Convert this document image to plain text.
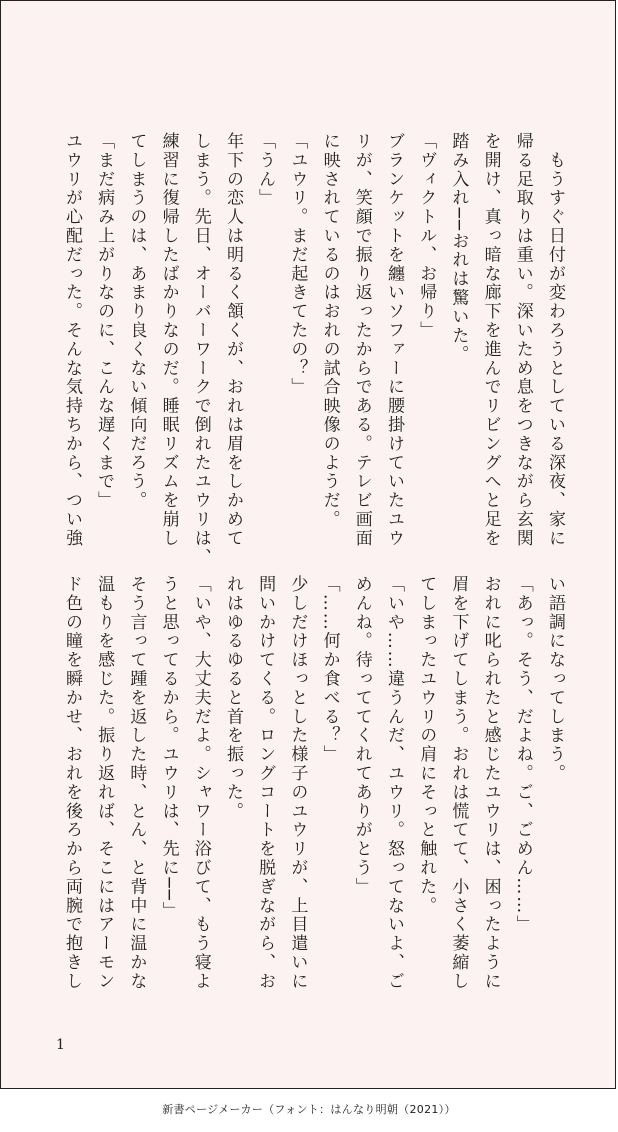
　もうすぐ日付が変わろうとしている深夜、家に
帰る足取りは重い。深いため息をつきながら玄関
を開け、真っ暗な廊下を進んでリビングへと足を
踏み入れ──おれは驚いた。
「ヴィクトル、お帰り」
ブランケットを纏いソファーに腰掛けていたユウ
リが、笑顔で振り返ったからである。テレビ画面
に映されているのはおれの試合映像のようだ。
「ユウリ。まだ起きてたの？」
「うん」
年下の恋人は明るく頷くが、おれは眉をしかめて
しまう。先日、オーバーワークで倒れたユウリは、
練習に復帰したばかりなのだ。睡眠リズムを崩し
てしまうのは、あまり良くない傾向だろう。
「まだ病み上がりなのに、こんな遅くまで」
ユウリが心配だった。そんな気持ちから、つい強
い語調になってしまう。
「あっ。そう、だよね。ご、ごめん……」
おれに叱られたと感じたユウリは、困ったように
眉を下げてしまう。おれは慌てて、小さく萎縮し
てしまったユウリの肩にそっと触れた。
「いや……違うんだ、ユウリ。怒ってないよ、ご
めんね。待っててくれてありがとう」
「……何か食べる？」
少しだけほっとした様子のユウリが、上目遣いに
問いかけてくる。ロングコートを脱ぎながら、お
れはゆるゆると首を振った。
「いや、大丈夫だよ。シャワー浴びて、もう寝よ
うと思ってるから。ユウリは、先に──」
そう言って踵を返した時、とん、と背中に温かな
温もりを感じた。振り返れば、そこにはアーモン
ド色の瞳を瞬かせ、おれを後ろから両腕で抱きし
1
新書ページメーカー（フォント：はんなり明朝（2021））
